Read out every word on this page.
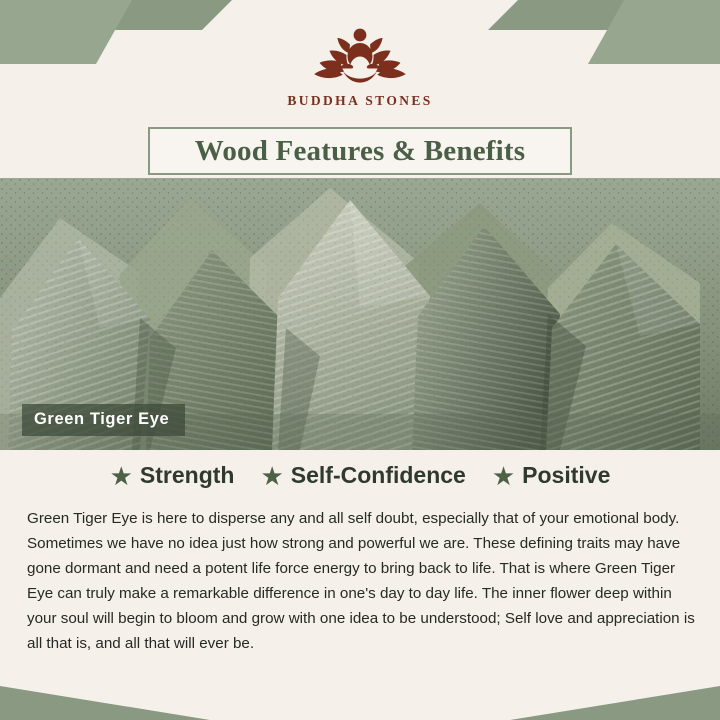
BUDDHA STONES
Wood Features & Benefits
Green Tiger Eye
★ Strength ★ Self-Confidence ★ Positive
Green Tiger Eye is here to disperse any and all self doubt, especially that of your emotional body. Sometimes we have no idea just how strong and powerful we are. These defining traits may have gone dormant and need a potent life force energy to bring back to life. That is where Green Tiger Eye can truly make a remarkable difference in one's day to day life. The inner flower deep within your soul will begin to bloom and grow with one idea to be understood; Self love and appreciation is all that is, and all that will ever be.
